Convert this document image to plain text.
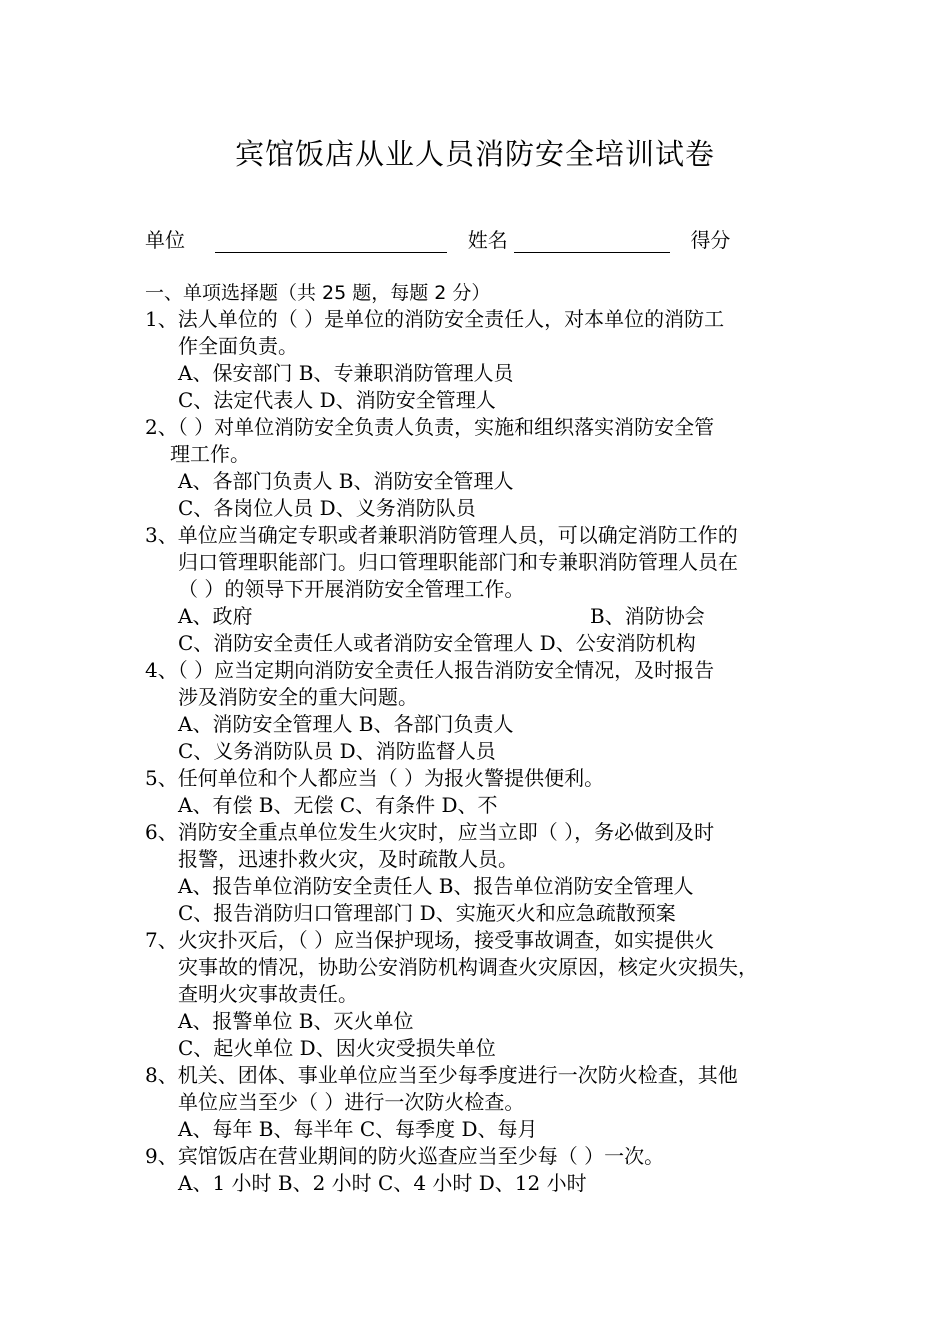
宾馆饭店从业人员消防安全培训试卷
单位	姓名	得分
一、单项选择题（共 25 题，每题 2 分）
1、法人单位的（ ）是单位的消防安全责任人，对本单位的消防工
作全面负责。
A、保安部门 B、专兼职消防管理人员
C、法定代表人 D、消防安全管理人
2、（ ）对单位消防安全负责人负责，实施和组织落实消防安全管
理工作。
A、各部门负责人 B、消防安全管理人
C、各岗位人员 D、义务消防队员
3、单位应当确定专职或者兼职消防管理人员，可以确定消防工作的
归口管理职能部门。归口管理职能部门和专兼职消防管理人员在
（ ）的领导下开展消防安全管理工作。
A、政府	B、消防协会
C、消防安全责任人或者消防安全管理人 D、公安消防机构
4、（ ）应当定期向消防安全责任人报告消防安全情况，及时报告
涉及消防安全的重大问题。
A、消防安全管理人 B、各部门负责人
C、义务消防队员 D、消防监督人员
5、任何单位和个人都应当（ ）为报火警提供便利。
A、有偿 B、无偿 C、有条件 D、不
6、消防安全重点单位发生火灾时，应当立即（ ），务必做到及时
报警，迅速扑救火灾，及时疏散人员。
A、报告单位消防安全责任人 B、报告单位消防安全管理人
C、报告消防归口管理部门 D、实施灭火和应急疏散预案
7、火灾扑灭后，（ ）应当保护现场，接受事故调查，如实提供火
灾事故的情况，协助公安消防机构调查火灾原因，核定火灾损失，
查明火灾事故责任。
A、报警单位 B、灭火单位
C、起火单位 D、因火灾受损失单位
8、机关、团体、事业单位应当至少每季度进行一次防火检查，其他
单位应当至少（ ）进行一次防火检查。
A、每年 B、每半年 C、每季度 D、每月
9、宾馆饭店在营业期间的防火巡查应当至少每（ ）一次。
A、1 小时 B、2 小时 C、4 小时 D、12 小时
